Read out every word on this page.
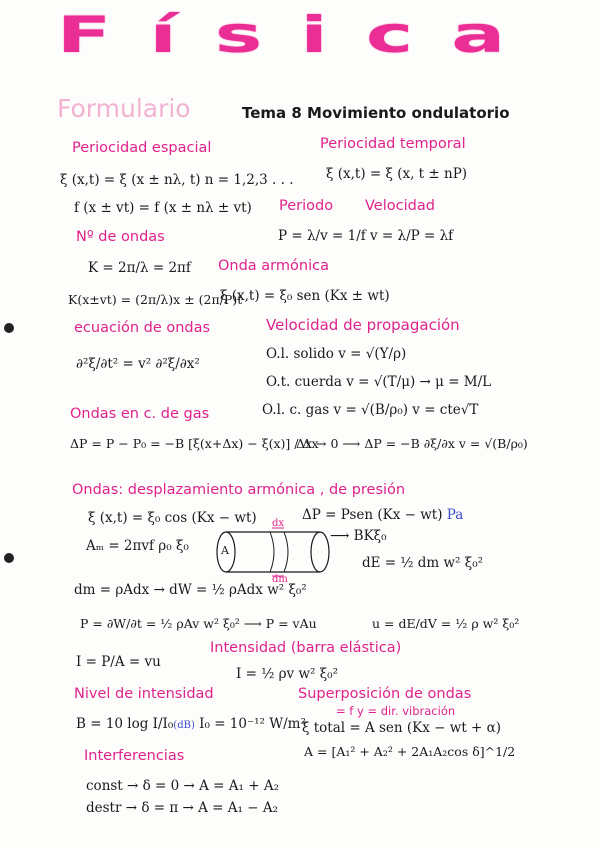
Física
Formulario	Tema 8 Movimiento ondulatorio
Periocidad espacial
ξ (x,t) = ξ (x ± nλ, t) n = 1,2,3 . . .
f (x ± vt) = f (x ± nλ ± vt)
Periocidad temporal
ξ (x,t) = ξ (x, t ± nP)
Periodo Velocidad
P = λ/v = 1/f v = λ/P = λf
Nº de ondas
K = 2π/λ = 2πf
K(x±vt) = (2π/λ)x ± (2π/P)t
Onda armónica
ξ (x,t) = ξ₀ sen (Kx ± wt)
ecuación de ondas
∂²ξ/∂t² = v² ∂²ξ/∂x²
Velocidad de propagación
O.l. solido v = √(Y/ρ)
O.t. cuerda v = √(T/μ) → μ = M/L
O.l. c. gas v = √(B/ρ₀) v = cte√T
Ondas en c. de gas
ΔP = P − P₀ = −B [ξ(x+Δx) − ξ(x)] / Δx
Δx → 0 ⟶ ΔP = −B ∂ξ/∂x v = √(B/ρ₀)
Ondas: desplazamiento armónica , de presión
ξ (x,t) = ξ₀ cos (Kx − wt)	ΔP = Psen (Kx − wt) Pa
⟶ BKξ₀
Aₘ = 2πvf ρ₀ ξ₀
dx
dm
A
dE = ½ dm w² ξ₀²
dm = ρAdx → dW = ½ ρAdx w² ξ₀²
P = ∂W/∂t = ½ ρAv w² ξ₀² ⟶ P = vAu	u = dE/dV = ½ ρ w² ξ₀²
I = P/A = vu
Intensidad (barra elástica)
I = ½ ρv w² ξ₀²
Nivel de intensidad
B = 10 log I/I₀(dB) I₀ = 10⁻¹² W/m²
Superposición de ondas
= f y = dir. vibración
ξ total = A sen (Kx − wt + α)
A = [A₁² + A₂² + 2A₁A₂cos δ]^1/2
Interferencias
const → δ = 0 → A = A₁ + A₂
destr → δ = π → A = A₁ − A₂
